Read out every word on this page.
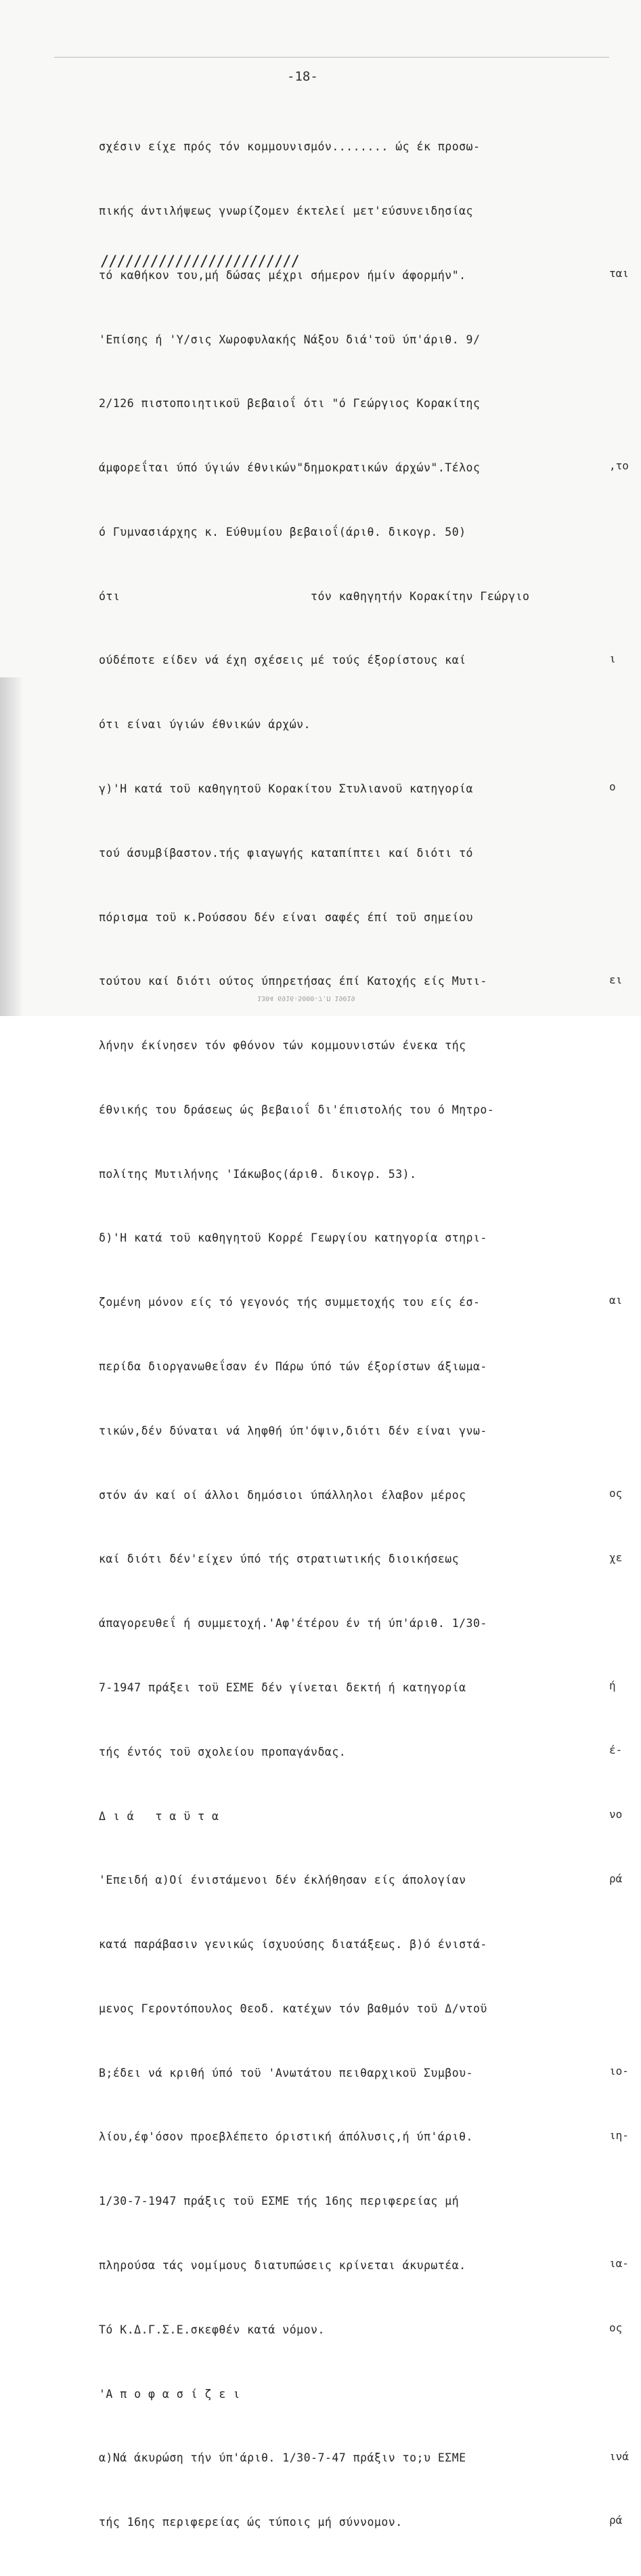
-18-

σχέσιν είχε πρός τόν κομμουνισμόν........ ώς έκ προσω-

πικής άντιλήψεως γνωρίζομεν έκτελεί μετ'εύσυνειδησίας

τό καθήκον του,μή δώσας μέχρι σήμερον ήμίν άφορμήν".

'Επίσης ή 'Υ/σις Χωροφυλακής Νάξου διά'τοϋ ύπ'άριθ. 9/

2/126 πιστοποιητικοϋ βεβαιοΐ ότι "ό Γεώργιος Κορακίτης

άμφορεΐται ύπό ύγιών έθνικών"δημοκρατικών άρχών".Τέλος

ό Γυμνασιάρχης κ. Εύθυμίου βεβαιοΐ(άριθ. δικογρ. 50)

ότι                           τόν καθηγητήν Κορακίτην Γεώργιο

ούδέποτε είδεν νά έχη σχέσεις μέ τούς έξορίστους καί

ότι είναι ύγιών έθνικών άρχών.

γ)'Η κατά τοϋ καθηγητοϋ Κορακίτου Στυλιανοϋ κατηγορία

τού άσυμβίβαστον.τής φιαγωγής καταπίπτει καί διότι τό

πόρισμα τοϋ κ.Ρούσσου δέν είναι σαφές έπί τοϋ σημείου

τούτου καί διότι ούτος ύπηρετήσας έπί Κατοχής είς Μυτι-

λήνην έκίνησεν τόν φθόνον τών κομμουνιστών ένεκα τής

έθνικής του δράσεως ώς βεβαιοΐ δι'έπιστολής του ό Μητρο-

πολίτης Μυτιλήνης 'Ιάκωβος(άριθ. δικογρ. 53).

δ)'Η κατά τοϋ καθηγητοϋ Κορρέ Γεωργίου κατηγορία στηρι-

ζομένη μόνον είς τό γεγονός τής συμμετοχής του είς έσ-

περίδα διοργανωθεΐσαν έν Πάρω ύπό τών έξορίστων άξιωμα-

τικών,δέν δύναται νά ληφθή ύπ'όψιν,διότι δέν είναι γνω-

στόν άν καί οί άλλοι δημόσιοι ύπάλληλοι έλαβον μέρος

καί διότι δέν'είχεν ύπό τής στρατιωτικής διοικήσεως

άπαγορευθεΐ ή συμμετοχή.'Αφ'έτέρου έν τή ύπ'άριθ. 1/30-

7-1947 πράξει τοϋ ΕΣΜΕ δέν γίνεται δεκτή ή κατηγορία

τής έντός τοϋ σχολείου προπαγάνδας.

Δ ι ά   τ α ϋ τ α

'Επειδή α)Οί ένιστάμενοι δέν έκλήθησαν είς άπολογίαν

κατά παράβασιν γενικώς ίσχυούσης διατάξεως. β)ό ένιστά-

μενος Γεροντόπουλος Θεοδ. κατέχων τόν βαθμόν τοϋ Δ/ντοϋ

Β;έδει νά κριθή ύπό τοϋ 'Ανωτάτου πειθαρχικοϋ Συμβου-

λίου,έφ'όσον προεβλέπετο όριστική άπόλυσις,ή ύπ'άριθ.

1/30-7-1947 πράξις τοϋ ΕΣΜΕ τής 16ης περιφερείας μή

πληρούσα τάς νομίμους διατυπώσεις κρίνεται άκυρωτέα.

Τό Κ.Δ.Γ.Σ.Ε.σκεφθέν κατά νόμον.

'Α π ο φ α σ ί ζ ε ι

α)Νά άκυρώση τήν ύπ'άριθ. 1/30-7-47 πράξιν το;υ ΕΣΜΕ

τής 16ης περιφερείας ώς τύποις μή σύννομον.

////////////////////////

ται

,το

ι

ο

ει

αι

ος

χε

ή

έ-

νο

ρά

ιο-

ιη-

ια-

ος

ινά

ρά

1304 6916-5000-7.Π 19019
